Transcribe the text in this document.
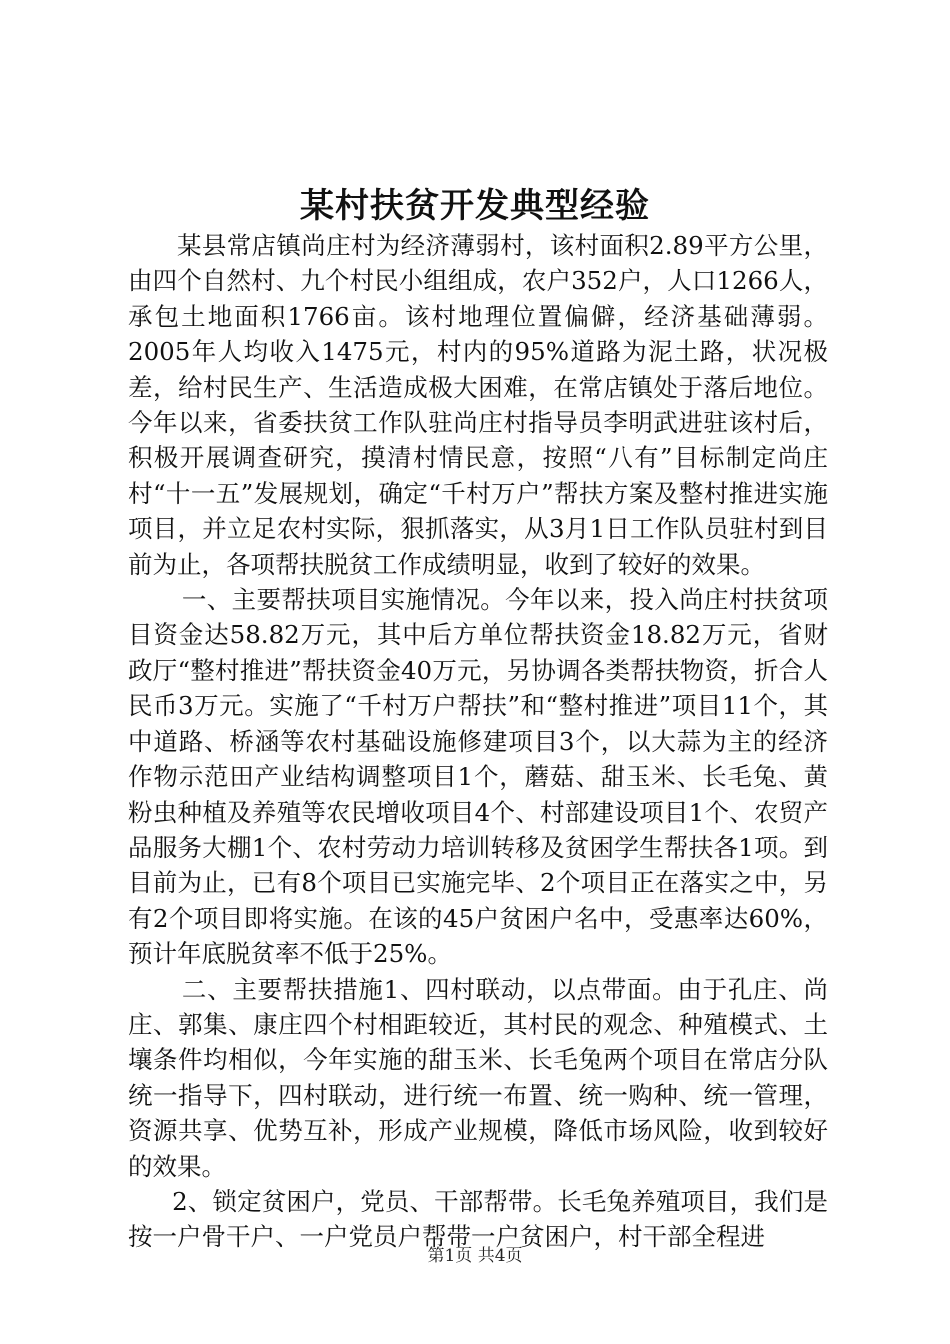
某村扶贫开发典型经验

某县常店镇尚庄村为经济薄弱村，该村面积2.89平方公里，由四个自然村、九个村民小组组成，农户352户，人口1266人，承包土地面积1766亩。该村地理位置偏僻，经济基础薄弱。2005年人均收入1475元，村内的95%道路为泥土路，状况极差，给村民生产、生活造成极大困难，在常店镇处于落后地位。今年以来，省委扶贫工作队驻尚庄村指导员李明武进驻该村后，积极开展调查研究，摸清村情民意，按照“八有”目标制定尚庄村“十一五”发展规划，确定“千村万户”帮扶方案及整村推进实施项目，并立足农村实际，狠抓落实，从3月1日工作队员驻村到目前为止，各项帮扶脱贫工作成绩明显，收到了较好的效果。

一、主要帮扶项目实施情况。今年以来，投入尚庄村扶贫项目资金达58.82万元，其中后方单位帮扶资金18.82万元，省财政厅“整村推进”帮扶资金40万元，另协调各类帮扶物资，折合人民币3万元。实施了“千村万户帮扶”和“整村推进”项目11个，其中道路、桥涵等农村基础设施修建项目3个，以大蒜为主的经济作物示范田产业结构调整项目1个，蘑菇、甜玉米、长毛兔、黄粉虫种植及养殖等农民增收项目4个、村部建设项目1个、农贸产品服务大棚1个、农村劳动力培训转移及贫困学生帮扶各1项。到目前为止，已有8个项目已实施完毕、2个项目正在落实之中，另有2个项目即将实施。在该的45户贫困户名中，受惠率达60%，预计年底脱贫率不低于25%。

二、主要帮扶措施1、四村联动，以点带面。由于孔庄、尚庄、郭集、康庄四个村相距较近，其村民的观念、种殖模式、土壤条件均相似，今年实施的甜玉米、长毛兔两个项目在常店分队统一指导下，四村联动，进行统一布置、统一购种、统一管理，资源共享、优势互补，形成产业规模，降低市场风险，收到较好的效果。

2、锁定贫困户，党员、干部帮带。长毛兔养殖项目，我们是按一户骨干户、一户党员户帮带一户贫困户，村干部全程进

第1页 共4页
